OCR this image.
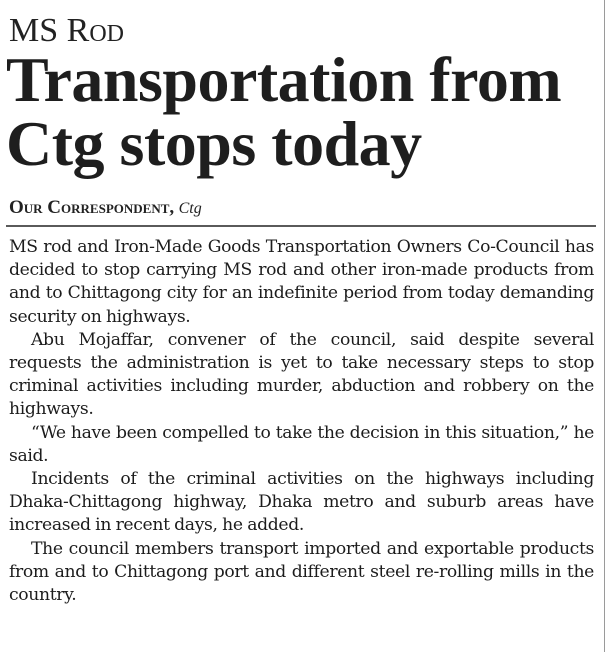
MS Rod
Transportation from
Ctg stops today
Our Correspondent, Ctg

MS rod and Iron-Made Goods Transportation Owners Co-Council has decided to stop carrying MS rod and other iron-made products from and to Chittagong city for an indefinite period from today demanding security on highways.

Abu Mojaffar, convener of the council, said despite several requests the administration is yet to take necessary steps to stop criminal activities including murder, abduction and robbery on the highways.

“We have been compelled to take the decision in this situation,” he said.

Incidents of the criminal activities on the highways including Dhaka-Chittagong highway, Dhaka metro and suburb areas have increased in recent days, he added.

The council members transport imported and exportable products from and to Chittagong port and different steel re-rolling mills in the country.
